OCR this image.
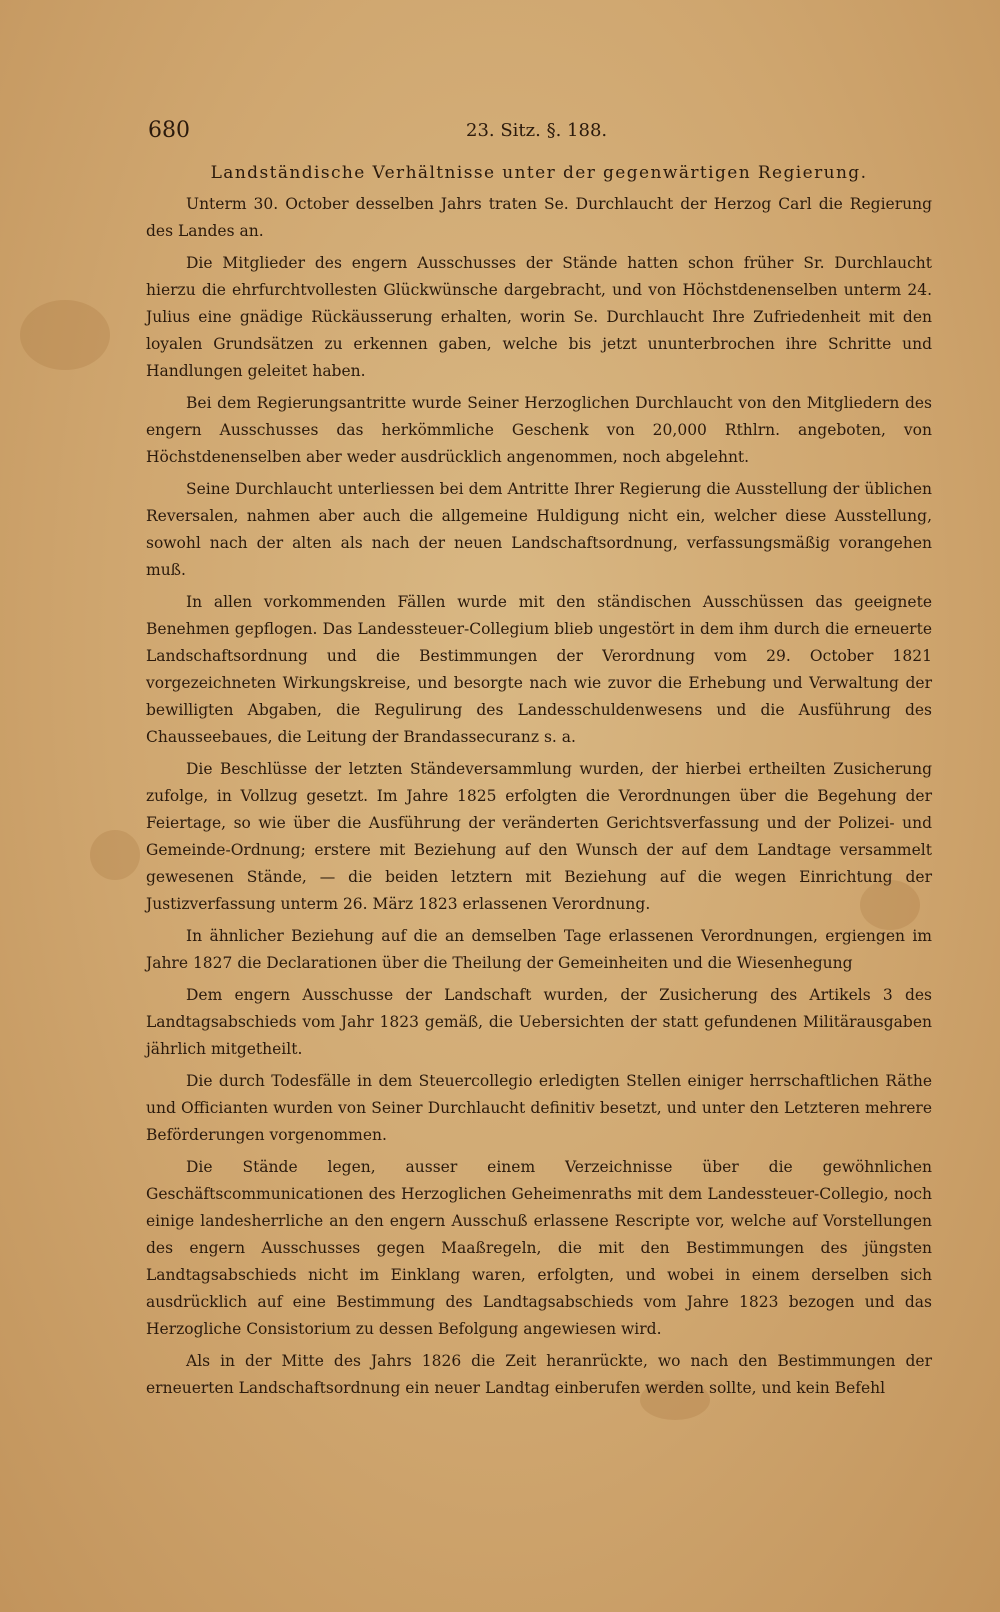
680	23. Sitz. §. 188.
Landständische Verhältnisse unter der gegenwärtigen Regierung.

Unterm 30. October desselben Jahrs traten Se. Durchlaucht der Herzog Carl die Regierung des Landes an.

Die Mitglieder des engern Ausschusses der Stände hatten schon früher Sr. Durchlaucht hierzu die ehrfurchtvollesten Glückwünsche dargebracht, und von Höchstdenenselben unterm 24. Julius eine gnädige Rückäusserung erhalten, worin Se. Durchlaucht Ihre Zufriedenheit mit den loyalen Grundsätzen zu erkennen gaben, welche bis jetzt ununterbrochen ihre Schritte und Handlungen geleitet haben.

Bei dem Regierungsantritte wurde Seiner Herzoglichen Durchlaucht von den Mitgliedern des engern Ausschusses das herkömmliche Geschenk von 20,000 Rthlrn. angeboten, von Höchstdenenselben aber weder ausdrücklich angenommen, noch abgelehnt.

Seine Durchlaucht unterliessen bei dem Antritte Ihrer Regierung die Ausstellung der üblichen Reversalen, nahmen aber auch die allgemeine Huldigung nicht ein, welcher diese Ausstellung, sowohl nach der alten als nach der neuen Landschaftsordnung, verfassungsmäßig vorangehen muß.

In allen vorkommenden Fällen wurde mit den ständischen Ausschüssen das geeignete Benehmen gepflogen. Das Landessteuer-Collegium blieb ungestört in dem ihm durch die erneuerte Landschaftsordnung und die Bestimmungen der Verordnung vom 29. October 1821 vorgezeichneten Wirkungskreise, und besorgte nach wie zuvor die Erhebung und Verwaltung der bewilligten Abgaben, die Regulirung des Landesschuldenwesens und die Ausführung des Chausseebaues, die Leitung der Brandassecuranz s. a.

Die Beschlüsse der letzten Ständeversammlung wurden, der hierbei ertheilten Zusicherung zufolge, in Vollzug gesetzt. Im Jahre 1825 erfolgten die Verordnungen über die Begehung der Feiertage, so wie über die Ausführung der veränderten Gerichtsverfassung und der Polizei- und Gemeinde-Ordnung; erstere mit Beziehung auf den Wunsch der auf dem Landtage versammelt gewesenen Stände, — die beiden letztern mit Beziehung auf die wegen Einrichtung der Justizverfassung unterm 26. März 1823 erlassenen Verordnung.

In ähnlicher Beziehung auf die an demselben Tage erlassenen Verordnungen, ergiengen im Jahre 1827 die Declarationen über die Theilung der Gemeinheiten und die Wiesenhegung

Dem engern Ausschusse der Landschaft wurden, der Zusicherung des Artikels 3 des Landtagsabschieds vom Jahr 1823 gemäß, die Uebersichten der statt gefundenen Militärausgaben jährlich mitgetheilt.

Die durch Todesfälle in dem Steuercollegio erledigten Stellen einiger herrschaftlichen Räthe und Officianten wurden von Seiner Durchlaucht definitiv besetzt, und unter den Letzteren mehrere Beförderungen vorgenommen.

Die Stände legen, ausser einem Verzeichnisse über die gewöhnlichen Geschäftscommunicationen des Herzoglichen Geheimenraths mit dem Landessteuer-Collegio, noch einige landesherrliche an den engern Ausschuß erlassene Rescripte vor, welche auf Vorstellungen des engern Ausschusses gegen Maaßregeln, die mit den Bestimmungen des jüngsten Landtagsabschieds nicht im Einklang waren, erfolgten, und wobei in einem derselben sich ausdrücklich auf eine Bestimmung des Landtagsabschieds vom Jahre 1823 bezogen und das Herzogliche Consistorium zu dessen Befolgung angewiesen wird.

Als in der Mitte des Jahrs 1826 die Zeit heranrückte, wo nach den Bestimmungen der erneuerten Landschaftsordnung ein neuer Landtag einberufen werden sollte, und kein Befehl
